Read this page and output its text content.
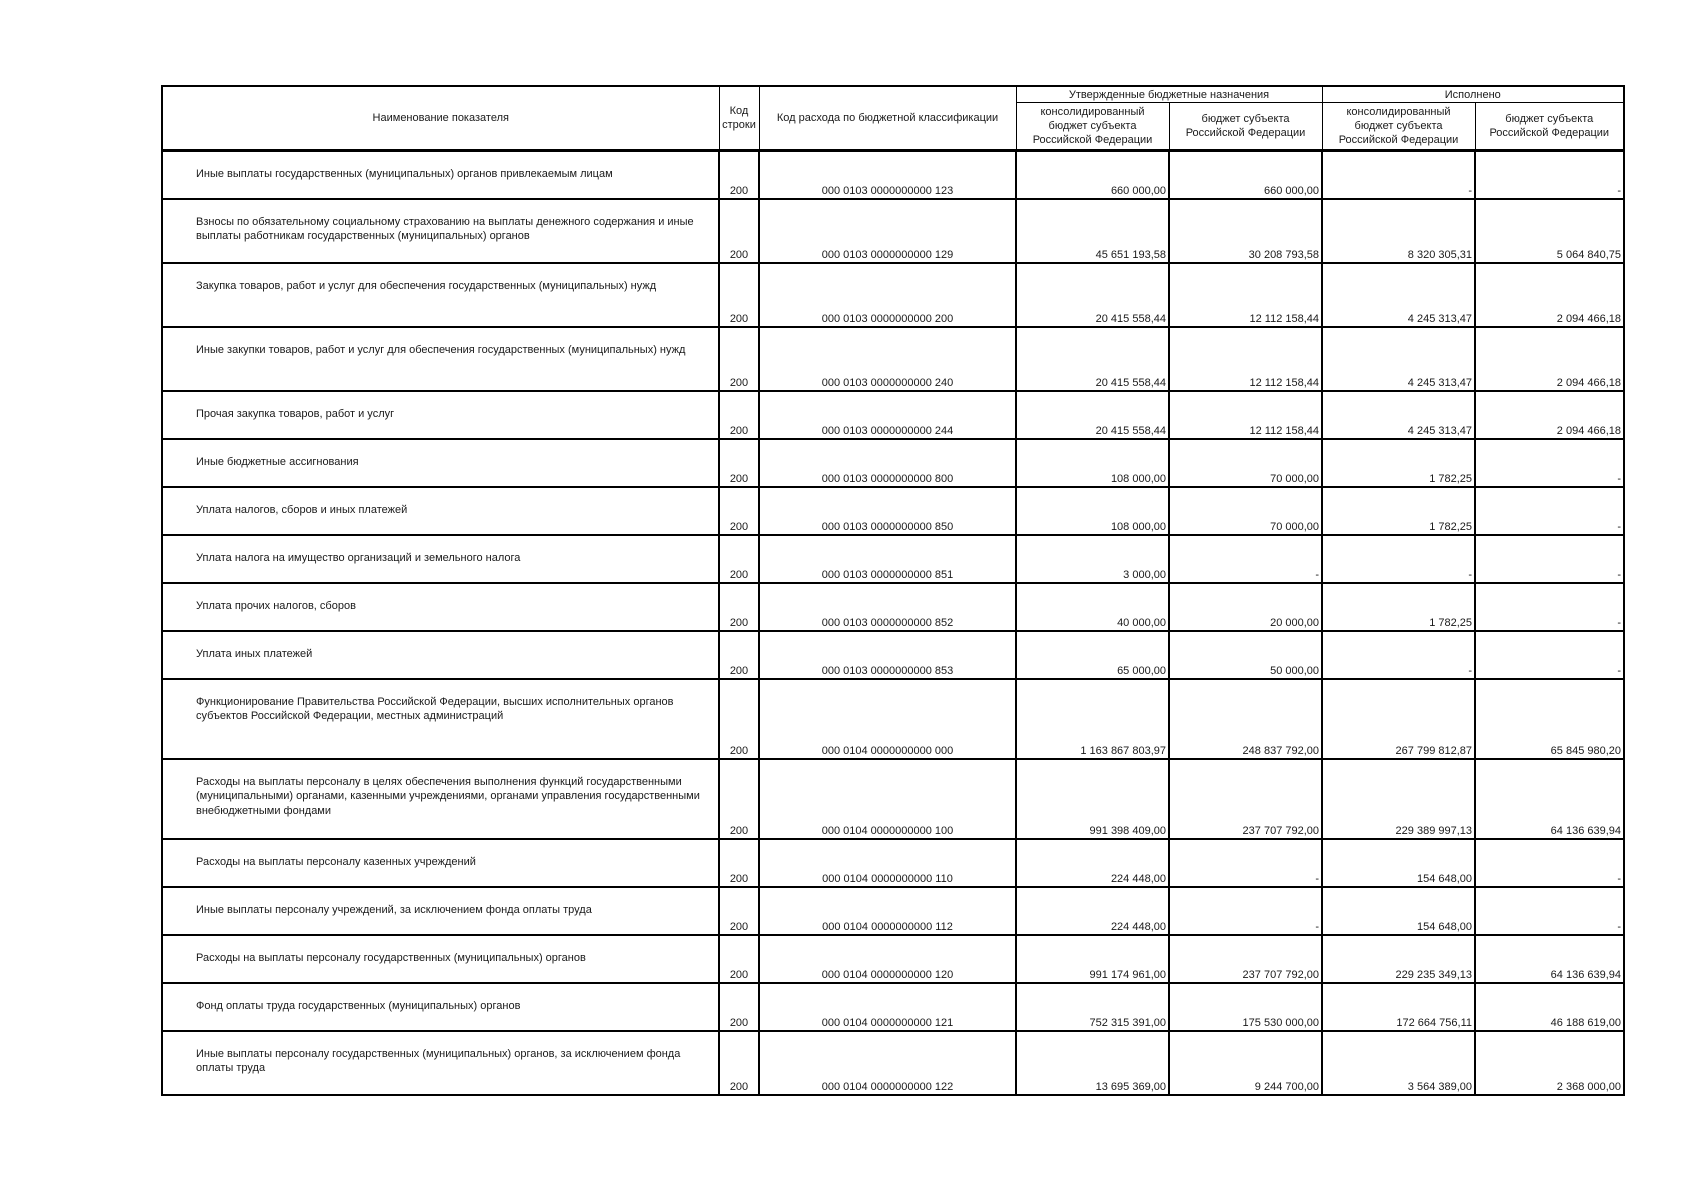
Наименование показателя	Код строки	Код расхода по бюджетной классификации	Утвержденные бюджетные назначения		Исполнено	
			консолидированный бюджет субъекта Российской Федерации	бюджет субъекта Российской Федерации	консолидированный бюджет субъекта Российской Федерации	бюджет субъекта Российской Федерации
Иные выплаты государственных (муниципальных) органов привлекаемым лицам	200	000 0103 0000000000 123	660 000,00	660 000,00	-	-
Взносы по обязательному социальному страхованию на выплаты денежного содержания и иные выплаты работникам государственных (муниципальных) органов	200	000 0103 0000000000 129	45 651 193,58	30 208 793,58	8 320 305,31	5 064 840,75
Закупка товаров, работ и услуг для обеспечения государственных (муниципальных) нужд	200	000 0103 0000000000 200	20 415 558,44	12 112 158,44	4 245 313,47	2 094 466,18
Иные закупки товаров, работ и услуг для обеспечения государственных (муниципальных) нужд	200	000 0103 0000000000 240	20 415 558,44	12 112 158,44	4 245 313,47	2 094 466,18
Прочая закупка товаров, работ и услуг	200	000 0103 0000000000 244	20 415 558,44	12 112 158,44	4 245 313,47	2 094 466,18
Иные бюджетные ассигнования	200	000 0103 0000000000 800	108 000,00	70 000,00	1 782,25	-
Уплата налогов, сборов и иных платежей	200	000 0103 0000000000 850	108 000,00	70 000,00	1 782,25	-
Уплата налога на имущество организаций и земельного налога	200	000 0103 0000000000 851	3 000,00	-	-	-
Уплата прочих налогов, сборов	200	000 0103 0000000000 852	40 000,00	20 000,00	1 782,25	-
Уплата иных платежей	200	000 0103 0000000000 853	65 000,00	50 000,00	-	-
Функционирование Правительства Российской Федерации, высших исполнительных органов субъектов Российской Федерации, местных администраций	200	000 0104 0000000000 000	1 163 867 803,97	248 837 792,00	267 799 812,87	65 845 980,20
Расходы на выплаты персоналу в целях обеспечения выполнения функций государственными (муниципальными) органами, казенными учреждениями, органами управления государственными внебюджетными фондами	200	000 0104 0000000000 100	991 398 409,00	237 707 792,00	229 389 997,13	64 136 639,94
Расходы на выплаты персоналу казенных учреждений	200	000 0104 0000000000 110	224 448,00	-	154 648,00	-
Иные выплаты персоналу учреждений, за исключением фонда оплаты труда	200	000 0104 0000000000 112	224 448,00	-	154 648,00	-
Расходы на выплаты персоналу государственных (муниципальных) органов	200	000 0104 0000000000 120	991 174 961,00	237 707 792,00	229 235 349,13	64 136 639,94
Фонд оплаты труда государственных (муниципальных) органов	200	000 0104 0000000000 121	752 315 391,00	175 530 000,00	172 664 756,11	46 188 619,00
Иные выплаты персоналу государственных (муниципальных) органов, за исключением фонда оплаты труда	200	000 0104 0000000000 122	13 695 369,00	9 244 700,00	3 564 389,00	2 368 000,00
